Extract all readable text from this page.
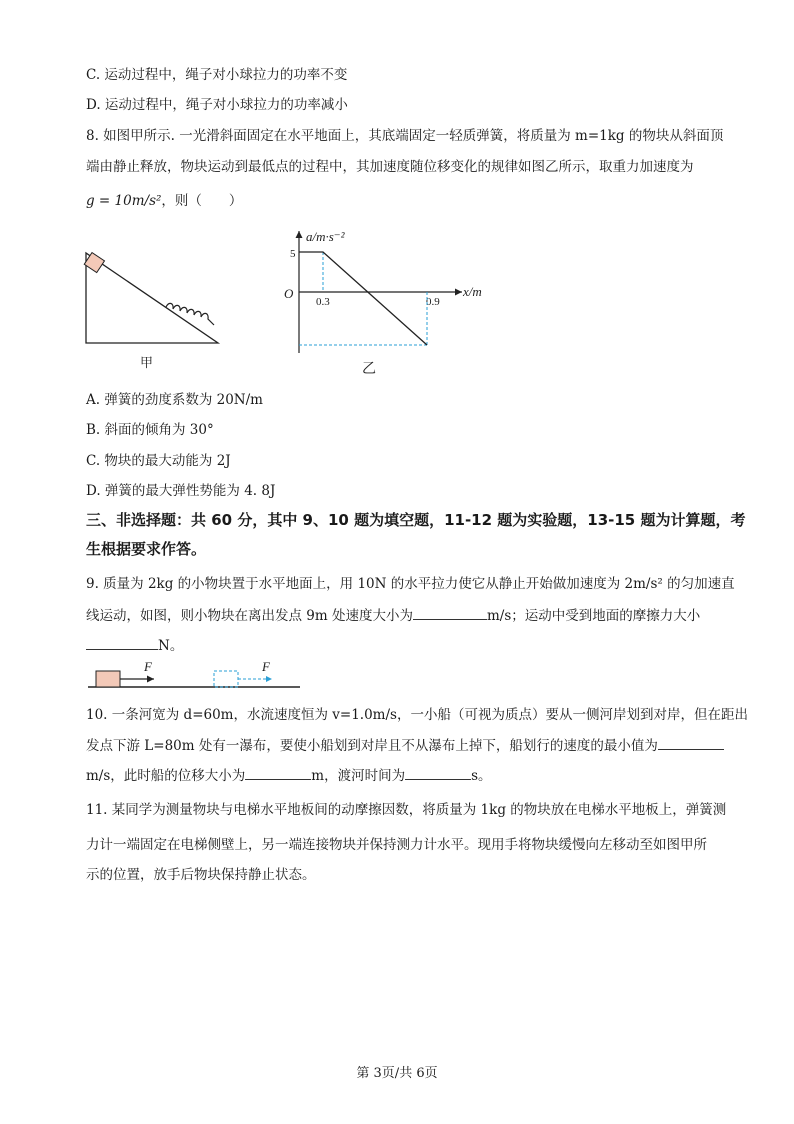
C. 运动过程中，绳子对小球拉力的功率不变
D. 运动过程中，绳子对小球拉力的功率减小
8. 如图甲所示. 一光滑斜面固定在水平地面上，其底端固定一轻质弹簧，将质量为 m=1kg 的物块从斜面顶
端由静止释放，物块运动到最低点的过程中，其加速度随位移变化的规律如图乙所示，取重力加速度为
g = 10m/s²，则（　　）
甲
a/m·s⁻²
x/m
O
5
0.3	0.9
乙
A. 弹簧的劲度系数为 20N/m
B. 斜面的倾角为 30°
C. 物块的最大动能为 2J
D. 弹簧的最大弹性势能为 4. 8J
三、非选择题：共 60 分，其中 9、10 题为填空题，11-12 题为实验题，13-15 题为计算题，考
生根据要求作答。
9. 质量为 2kg 的小物块置于水平地面上，用 10N 的水平拉力使它从静止开始做加速度为 2m/s² 的匀加速直
线运动，如图，则小物块在离出发点 9m 处速度大小为	m/s；运动中受到地面的摩擦力大小
N。
F	F
10. 一条河宽为 d=60m，水流速度恒为 v=1.0m/s，一小船（可视为质点）要从一侧河岸划到对岸，但在距出
发点下游 L=80m 处有一瀑布，要使小船划到对岸且不从瀑布上掉下，船划行的速度的最小值为
m/s，此时船的位移大小为	m，渡河时间为	s。
11. 某同学为测量物块与电梯水平地板间的动摩擦因数，将质量为 1kg 的物块放在电梯水平地板上，弹簧测
力计一端固定在电梯侧壁上，另一端连接物块并保持测力计水平。现用手将物块缓慢向左移动至如图甲所
示的位置，放手后物块保持静止状态。
第 3页/共 6页
